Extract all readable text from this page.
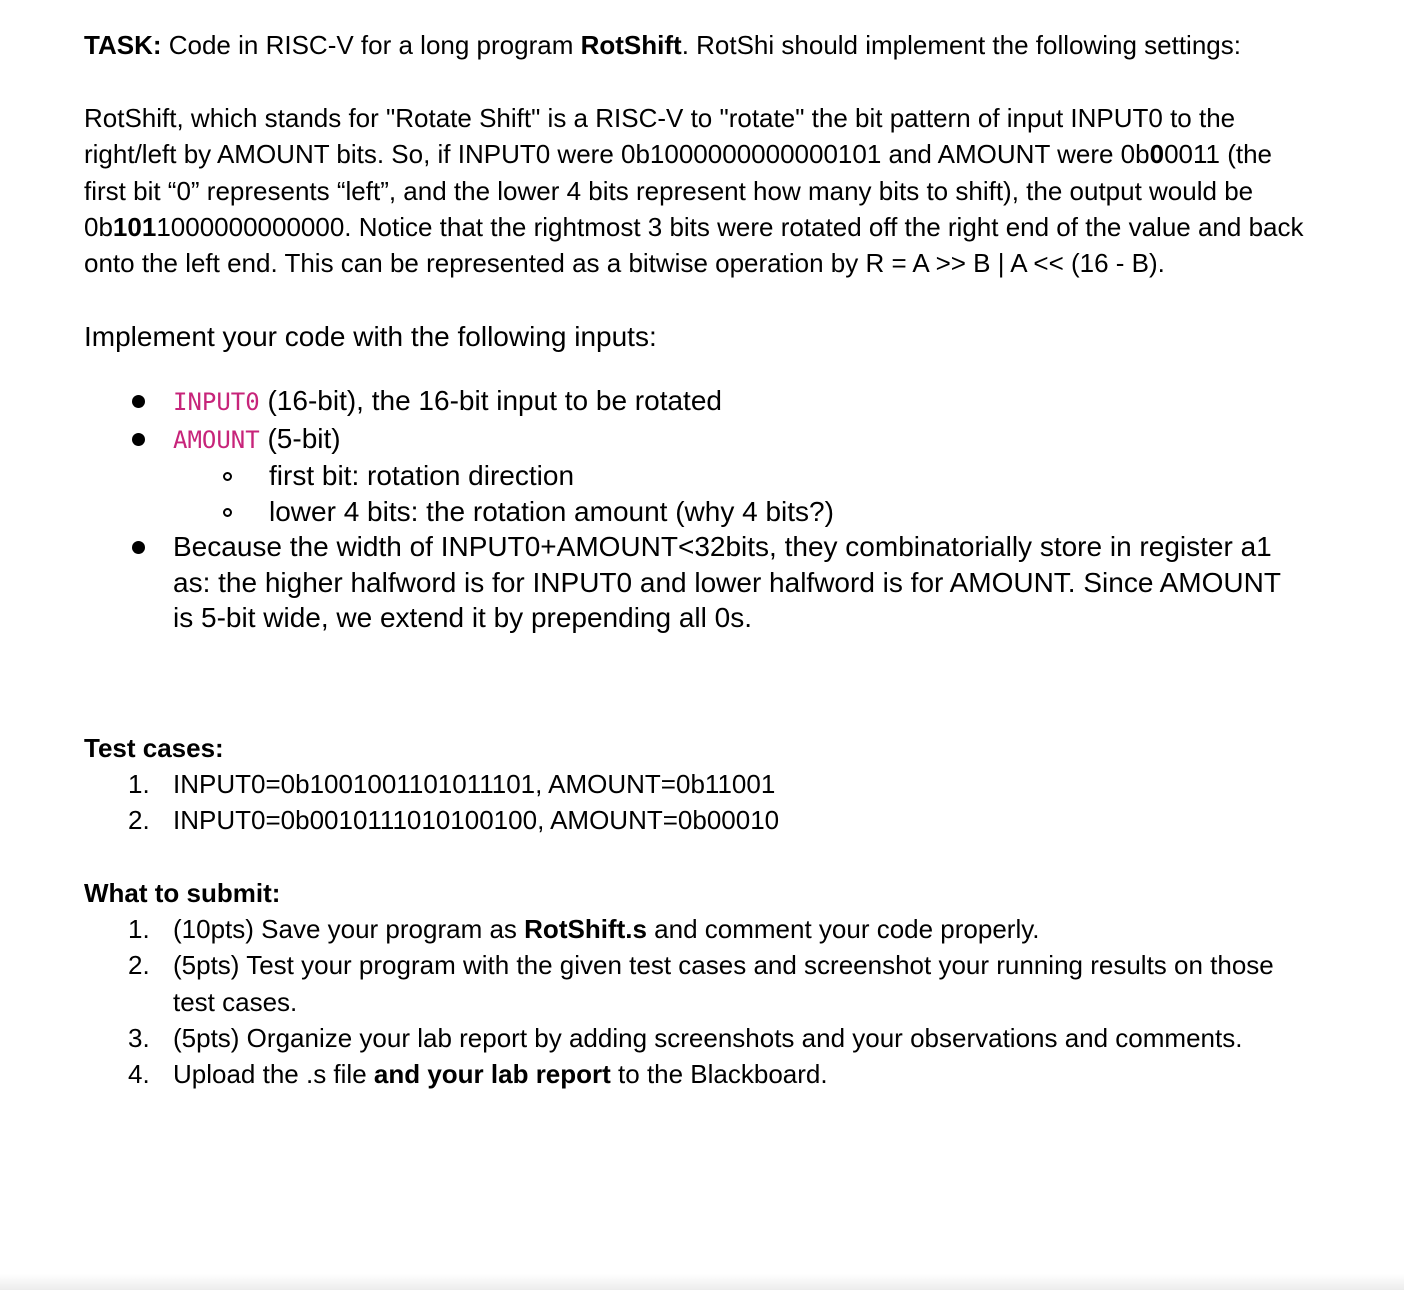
TASK: Code in RISC-V for a long program RotShift. RotShi should implement the following settings:

RotShift, which stands for "Rotate Shift" is a RISC-V to "rotate" the bit pattern of input INPUT0 to the right/left by AMOUNT bits. So, if INPUT0 were 0b1000000000000101 and AMOUNT were 0b00011 (the first bit “0” represents “left”, and the lower 4 bits represent how many bits to shift), the output would be 0b1011000000000000. Notice that the rightmost 3 bits were rotated off the right end of the value and back onto the left end. This can be represented as a bitwise operation by R = A >> B | A << (16 - B).

Implement your code with the following inputs:

INPUT0 (16-bit), the 16-bit input to be rotated
AMOUNT (5-bit)
first bit: rotation direction
lower 4 bits: the rotation amount (why 4 bits?)
Because the width of INPUT0+AMOUNT<32bits, they combinatorially store in register a1 as: the higher halfword is for INPUT0 and lower halfword is for AMOUNT. Since AMOUNT is 5-bit wide, we extend it by prepending all 0s.

Test cases:

1. INPUT0=0b1001001101011101, AMOUNT=0b11001
2. INPUT0=0b0010111010100100, AMOUNT=0b00010

What to submit:

1. (10pts) Save your program as RotShift.s and comment your code properly.
2. (5pts) Test your program with the given test cases and screenshot your running results on those test cases.
3. (5pts) Organize your lab report by adding screenshots and your observations and comments.
4. Upload the .s file and your lab report to the Blackboard.
